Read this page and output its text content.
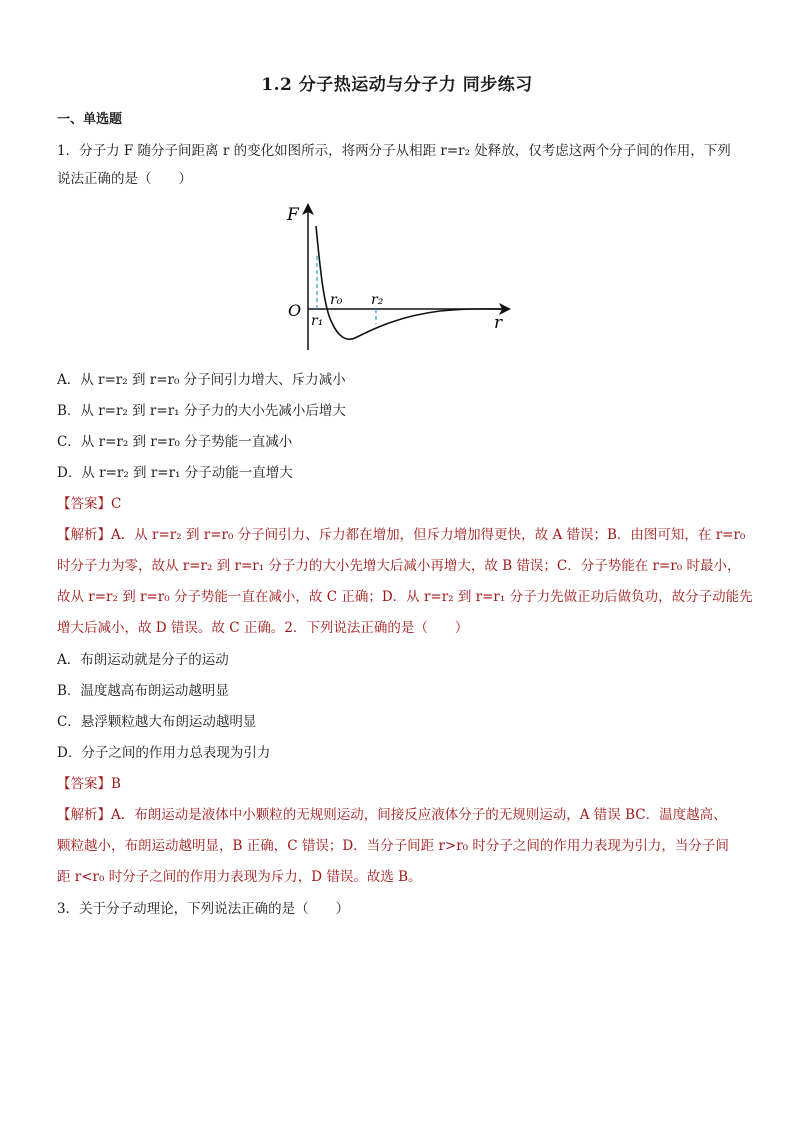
1.2 分子热运动与分子力 同步练习
一、单选题
1．分子力 F 随分子间距离 r 的变化如图所示，将两分子从相距 r=r₂ 处释放，仅考虑这两个分子间的作用，下列
说法正确的是（　　）
F
r
O
r₀
r₁
r₂
A．从 r=r₂ 到 r=r₀ 分子间引力增大、斥力减小
B．从 r=r₂ 到 r=r₁ 分子力的大小先减小后增大
C．从 r=r₂ 到 r=r₀ 分子势能一直减小
D．从 r=r₂ 到 r=r₁ 分子动能一直增大
【答案】C
【解析】A．从 r=r₂ 到 r=r₀ 分子间引力、斥力都在增加，但斥力增加得更快，故 A 错误；B．由图可知，在 r=r₀
时分子力为零，故从 r=r₂ 到 r=r₁ 分子力的大小先增大后减小再增大，故 B 错误；C．分子势能在 r=r₀ 时最小，
故从 r=r₂ 到 r=r₀ 分子势能一直在减小，故 C 正确；D．从 r=r₂ 到 r=r₁ 分子力先做正功后做负功，故分子动能先
增大后减小，故 D 错误。故 C 正确。2．下列说法正确的是（　　）
A．布朗运动就是分子的运动
B．温度越高布朗运动越明显
C．悬浮颗粒越大布朗运动越明显
D．分子之间的作用力总表现为引力
【答案】B
【解析】A．布朗运动是液体中小颗粒的无规则运动，间接反应液体分子的无规则运动，A 错误 BC．温度越高、
颗粒越小，布朗运动越明显，B 正确，C 错误；D．当分子间距 r>r₀ 时分子之间的作用力表现为引力，当分子间
距 r<r₀ 时分子之间的作用力表现为斥力，D 错误。故选 B。
3．关于分子动理论，下列说法正确的是（　　）
